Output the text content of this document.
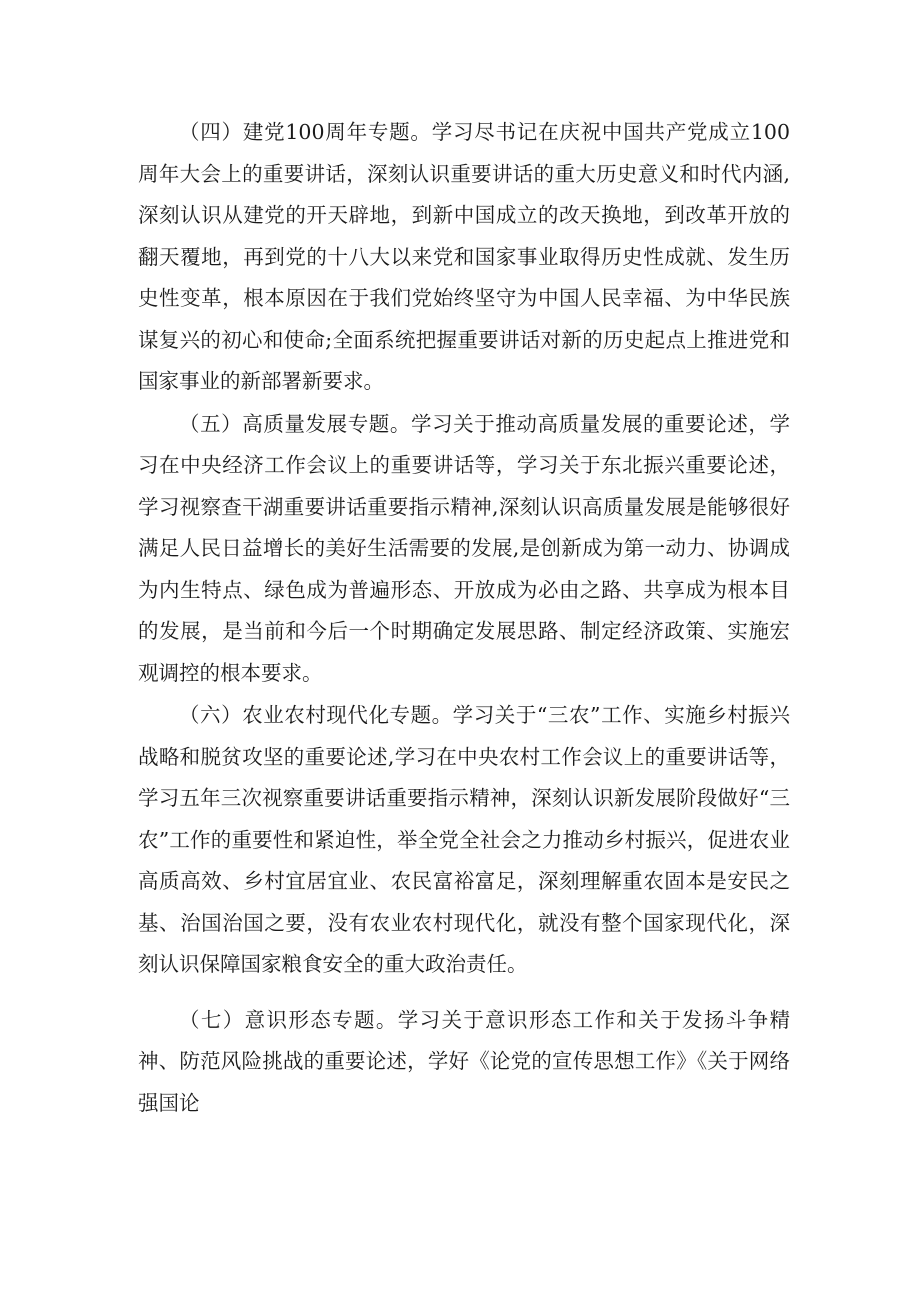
（四）建党100周年专题。学习尽书记在庆祝中国共产党成立100周年大会上的重要讲话，深刻认识重要讲话的重大历史意义和时代内涵,深刻认识从建党的开天辟地，到新中国成立的改天换地，到改革开放的翻天覆地，再到党的十八大以来党和国家事业取得历史性成就、发生历史性变革，根本原因在于我们党始终坚守为中国人民幸福、为中华民族谋复兴的初心和使命;全面系统把握重要讲话对新的历史起点上推进党和国家事业的新部署新要求。

（五）高质量发展专题。学习关于推动高质量发展的重要论述，学习在中央经济工作会议上的重要讲话等，学习关于东北振兴重要论述，学习视察查干湖重要讲话重要指示精神,深刻认识高质量发展是能够很好满足人民日益增长的美好生活需要的发展,是创新成为第一动力、协调成为内生特点、绿色成为普遍形态、开放成为必由之路、共享成为根本目的发展，是当前和今后一个时期确定发展思路、制定经济政策、实施宏观调控的根本要求。

（六）农业农村现代化专题。学习关于“三农”工作、实施乡村振兴战略和脱贫攻坚的重要论述,学习在中央农村工作会议上的重要讲话等，学习五年三次视察重要讲话重要指示精神，深刻认识新发展阶段做好“三农”工作的重要性和紧迫性，举全党全社会之力推动乡村振兴，促进农业高质高效、乡村宜居宜业、农民富裕富足，深刻理解重农固本是安民之基、治国治国之要，没有农业农村现代化，就没有整个国家现代化，深刻认识保障国家粮食安全的重大政治责任。

（七）意识形态专题。学习关于意识形态工作和关于发扬斗争精神、防范风险挑战的重要论述，学好《论党的宣传思想工作》《关于网络强国论
